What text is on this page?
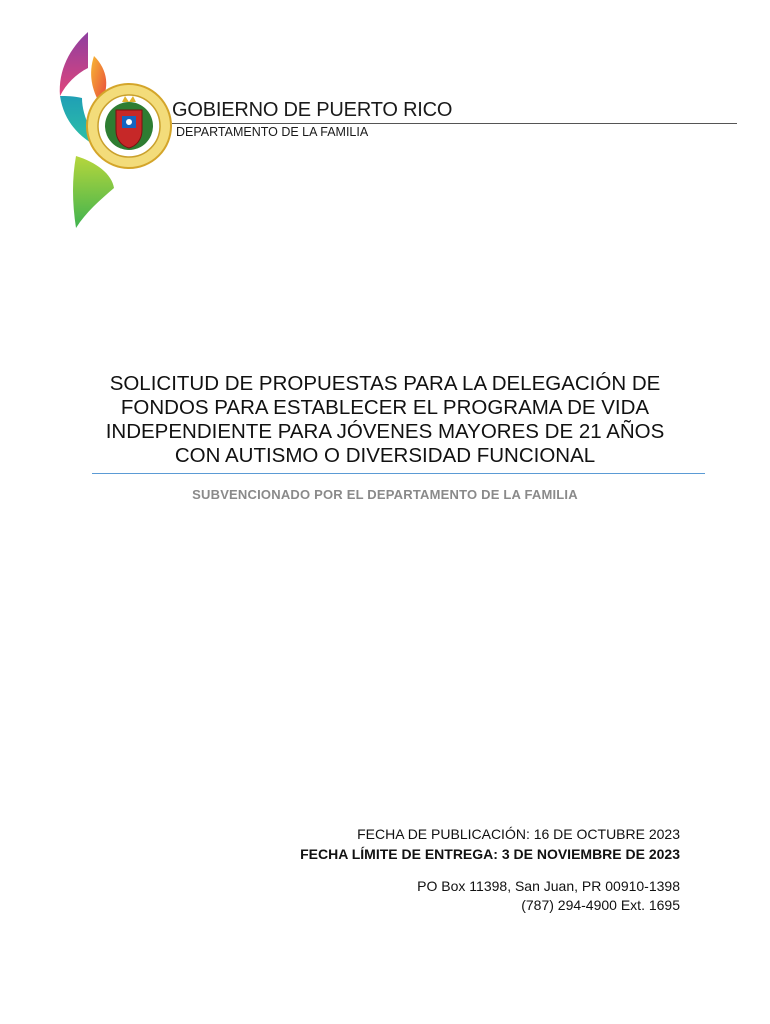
GOBIERNO DE PUERTO RICO
DEPARTAMENTO DE LA FAMILIA
SOLICITUD DE PROPUESTAS PARA LA DELEGACIÓN DE
FONDOS PARA ESTABLECER EL PROGRAMA DE VIDA
INDEPENDIENTE PARA JÓVENES MAYORES DE 21 AÑOS
CON AUTISMO O DIVERSIDAD FUNCIONAL
SUBVENCIONADO POR EL DEPARTAMENTO DE LA FAMILIA
FECHA DE PUBLICACIÓN: 16 DE OCTUBRE 2023
FECHA LÍMITE DE ENTREGA: 3 DE NOVIEMBRE DE 2023
PO Box 11398, San Juan, PR 00910-1398
(787) 294-4900 Ext. 1695
